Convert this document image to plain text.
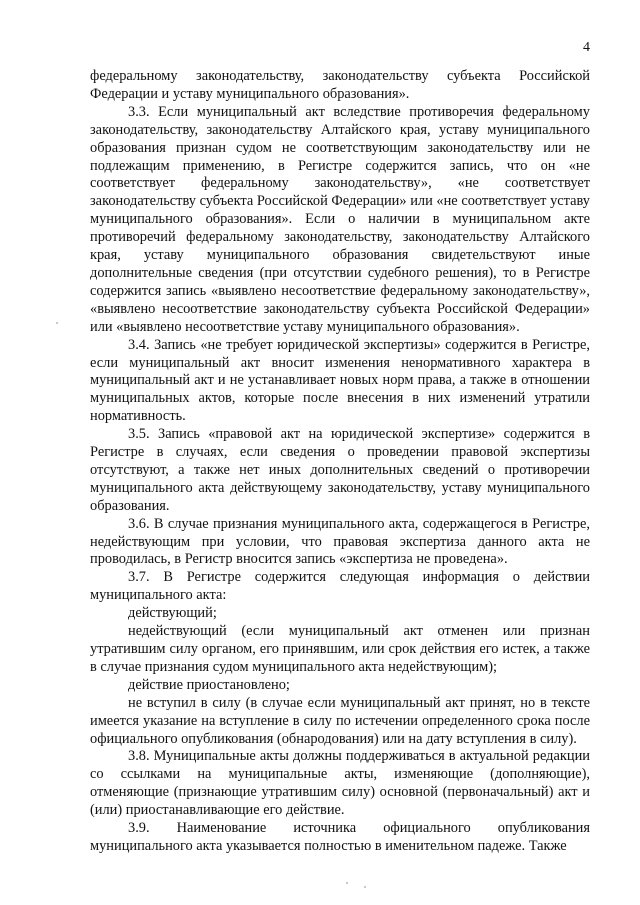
4

федеральному законодательству, законодательству субъекта Российской Федерации и уставу муниципального образования».

3.3. Если муниципальный акт вследствие противоречия федеральному законодательству, законодательству Алтайского края, уставу муниципального образования признан судом не соответствующим законодательству или не подлежащим применению, в Регистре содержится запись, что он «не соответствует федеральному законодательству», «не соответствует законодательству субъекта Российской Федерации» или «не соответствует уставу муниципального образования». Если о наличии в муниципальном акте противоречий федеральному законодательству, законодательству Алтайского края, уставу муниципального образования свидетельствуют иные дополнительные сведения (при отсутствии судебного решения), то в Регистре содержится запись «выявлено несоответствие федеральному законодательству», «выявлено несоответствие законодательству субъекта Российской Федерации» или «выявлено несоответствие уставу муниципального образования».

3.4. Запись «не требует юридической экспертизы» содержится в Регистре, если муниципальный акт вносит изменения ненормативного характера в муниципальный акт и не устанавливает новых норм права, а также в отношении муниципальных актов, которые после внесения в них изменений утратили нормативность.

3.5. Запись «правовой акт на юридической экспертизе» содержится в Регистре в случаях, если сведения о проведении правовой экспертизы отсутствуют, а также нет иных дополнительных сведений о противоречии муниципального акта действующему законодательству, уставу муниципального образования.

3.6. В случае признания муниципального акта, содержащегося в Регистре, недействующим при условии, что правовая экспертиза данного акта не проводилась, в Регистр вносится запись «экспертиза не проведена».

3.7. В Регистре содержится следующая информация о действии муниципального акта:

действующий;

недействующий (если муниципальный акт отменен или признан утратившим силу органом, его принявшим, или срок действия его истек, а также в случае признания судом муниципального акта недействующим);

действие приостановлено;

не вступил в силу (в случае если муниципальный акт принят, но в тексте имеется указание на вступление в силу по истечении определенного срока после официального опубликования (обнародования) или на дату вступления в силу).

3.8. Муниципальные акты должны поддерживаться в актуальной редакции со ссылками на муниципальные акты, изменяющие (дополняющие), отменяющие (признающие утратившим силу) основной (первоначальный) акт и (или) приостанавливающие его действие.

3.9. Наименование источника официального опубликования муниципального акта указывается полностью в именительном падеже. Также
